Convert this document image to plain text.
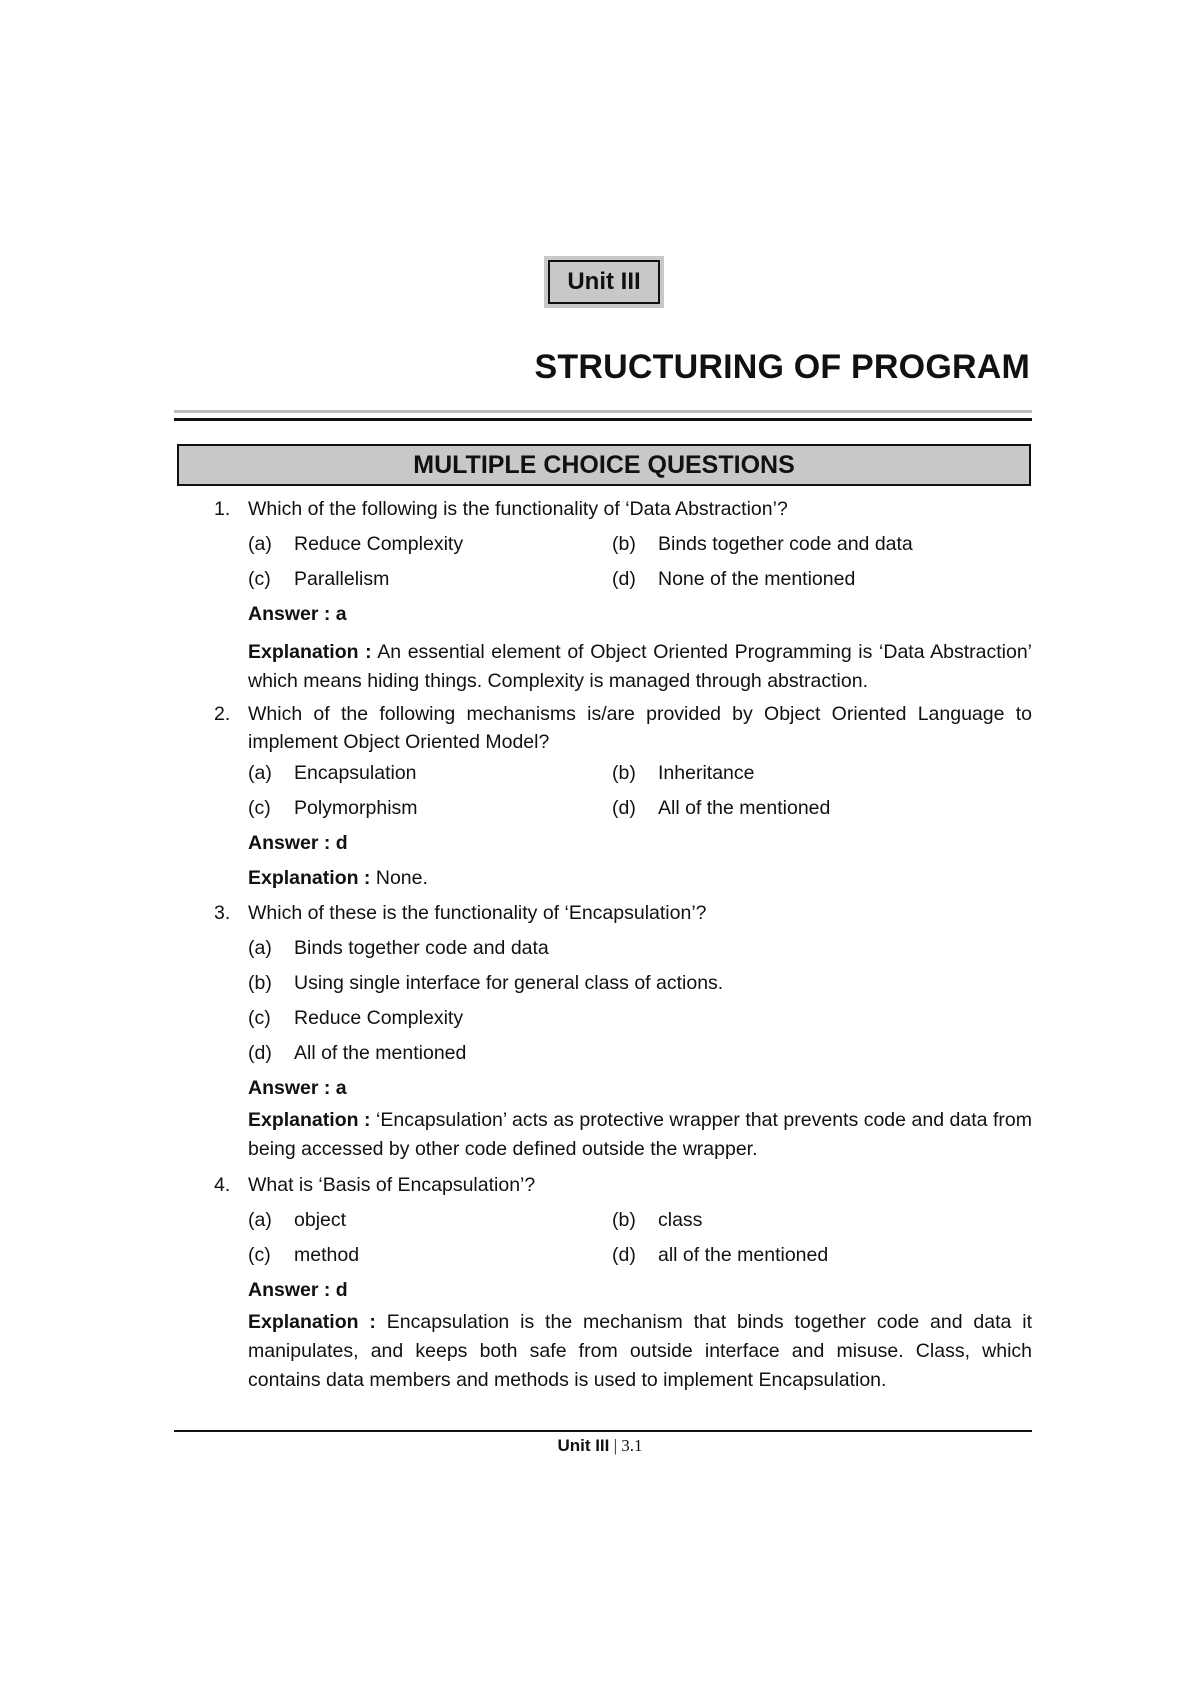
Unit III
STRUCTURING OF PROGRAM
MULTIPLE CHOICE QUESTIONS
1. Which of the following is the functionality of ‘Data Abstraction’?
(a)	Reduce Complexity	(b)	Binds together code and data
(c)	Parallelism	(d)	None of the mentioned
Answer : a
Explanation : An essential element of Object Oriented Programming is ‘Data Abstraction’ which means hiding things. Complexity is managed through abstraction.
2. Which of the following mechanisms is/are provided by Object Oriented Language to implement Object Oriented Model?
(a)	Encapsulation	(b)	Inheritance
(c)	Polymorphism	(d)	All of the mentioned
Answer : d
Explanation : None.
3. Which of these is the functionality of ‘Encapsulation’?
(a)	Binds together code and data
(b)	Using single interface for general class of actions.
(c)	Reduce Complexity
(d)	All of the mentioned
Answer : a
Explanation : ‘Encapsulation’ acts as protective wrapper that prevents code and data from being accessed by other code defined outside the wrapper.
4. What is ‘Basis of Encapsulation’?
(a)	object	(b)	class
(c)	method	(d)	all of the mentioned
Answer : d
Explanation : Encapsulation is the mechanism that binds together code and data it manipulates, and keeps both safe from outside interface and misuse. Class, which contains data members and methods is used to implement Encapsulation.
Unit III | 3.1
